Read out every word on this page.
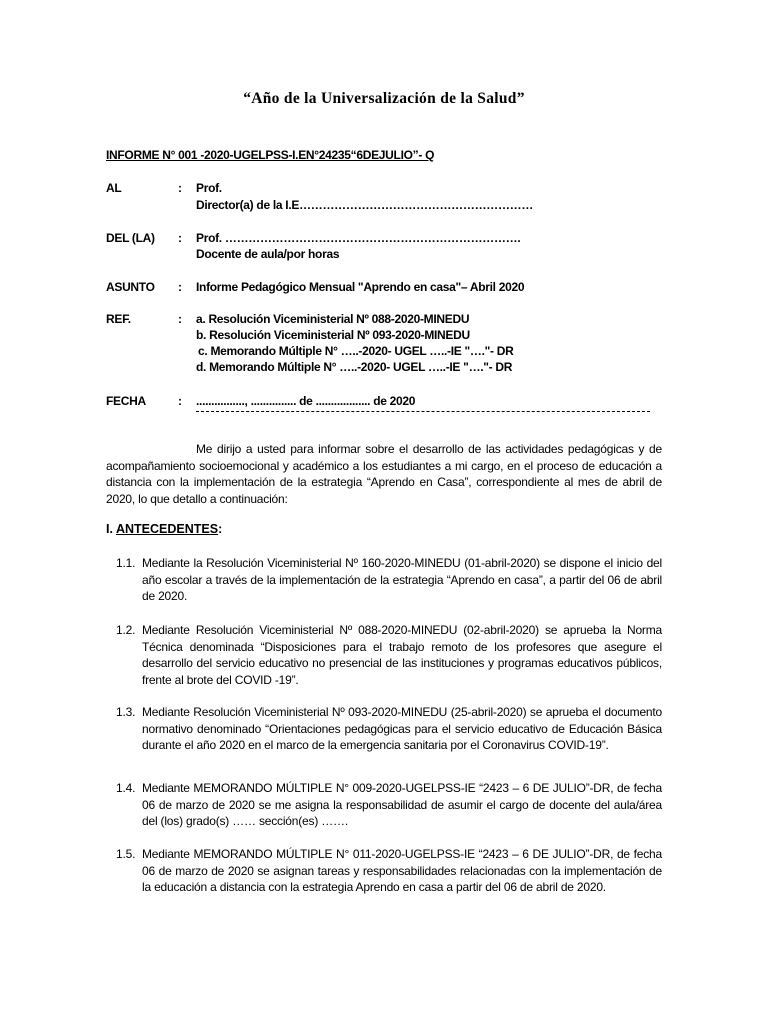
“Año de la Universalización de la Salud”
INFORME N° 001 -2020-UGELPSS-I.EN°24235“6DEJULIO”- Q
AL	: Prof.
Director(a) de la I.E……………………………………………………
DEL (LA) : Prof. ………………………………………………………………….
Docente de aula/por horas
ASUNTO : Informe Pedagógico Mensual "Aprendo en casa"– Abril 2020
REF.	: a. Resolución Viceministerial Nº 088-2020-MINEDU
b. Resolución Viceministerial Nº 093-2020-MINEDU
c. Memorando Múltiple N° …..-2020- UGEL …..-IE "…."- DR
d. Memorando Múltiple N° …..-2020- UGEL …..-IE "…."- DR
FECHA	: ................, ............... de .................. de 2020
Me dirijo a usted para informar sobre el desarrollo de las actividades pedagógicas y de acompañamiento socioemocional y académico a los estudiantes a mi cargo, en el proceso de educación a distancia con la implementación de la estrategia “Aprendo en Casa”, correspondiente al mes de abril de 2020, lo que detallo a continuación:
I. ANTECEDENTES:
1.1. Mediante la Resolución Viceministerial Nº 160-2020-MINEDU (01-abril-2020) se dispone el inicio del año escolar a través de la implementación de la estrategia “Aprendo en casa”, a partir del 06 de abril de 2020.
1.2. Mediante Resolución Viceministerial Nº 088-2020-MINEDU (02-abril-2020) se aprueba la Norma Técnica denominada “Disposiciones para el trabajo remoto de los profesores que asegure el desarrollo del servicio educativo no presencial de las instituciones y programas educativos públicos, frente al brote del COVID -19”.
1.3. Mediante Resolución Viceministerial Nº 093-2020-MINEDU (25-abril-2020) se aprueba el documento normativo denominado “Orientaciones pedagógicas para el servicio educativo de Educación Básica durante el año 2020 en el marco de la emergencia sanitaria por el Coronavirus COVID-19”.
1.4. Mediante MEMORANDO MÚLTIPLE N° 009-2020-UGELPSS-IE “2423 – 6 DE JULIO”-DR, de fecha 06 de marzo de 2020 se me asigna la responsabilidad de asumir el cargo de docente del aula/área del (los) grado(s) …… sección(es) …….
1.5. Mediante MEMORANDO MÚLTIPLE N° 011-2020-UGELPSS-IE “2423 – 6 DE JULIO”-DR, de fecha 06 de marzo de 2020 se asignan tareas y responsabilidades relacionadas con la implementación de la educación a distancia con la estrategia Aprendo en casa a partir del 06 de abril de 2020.
